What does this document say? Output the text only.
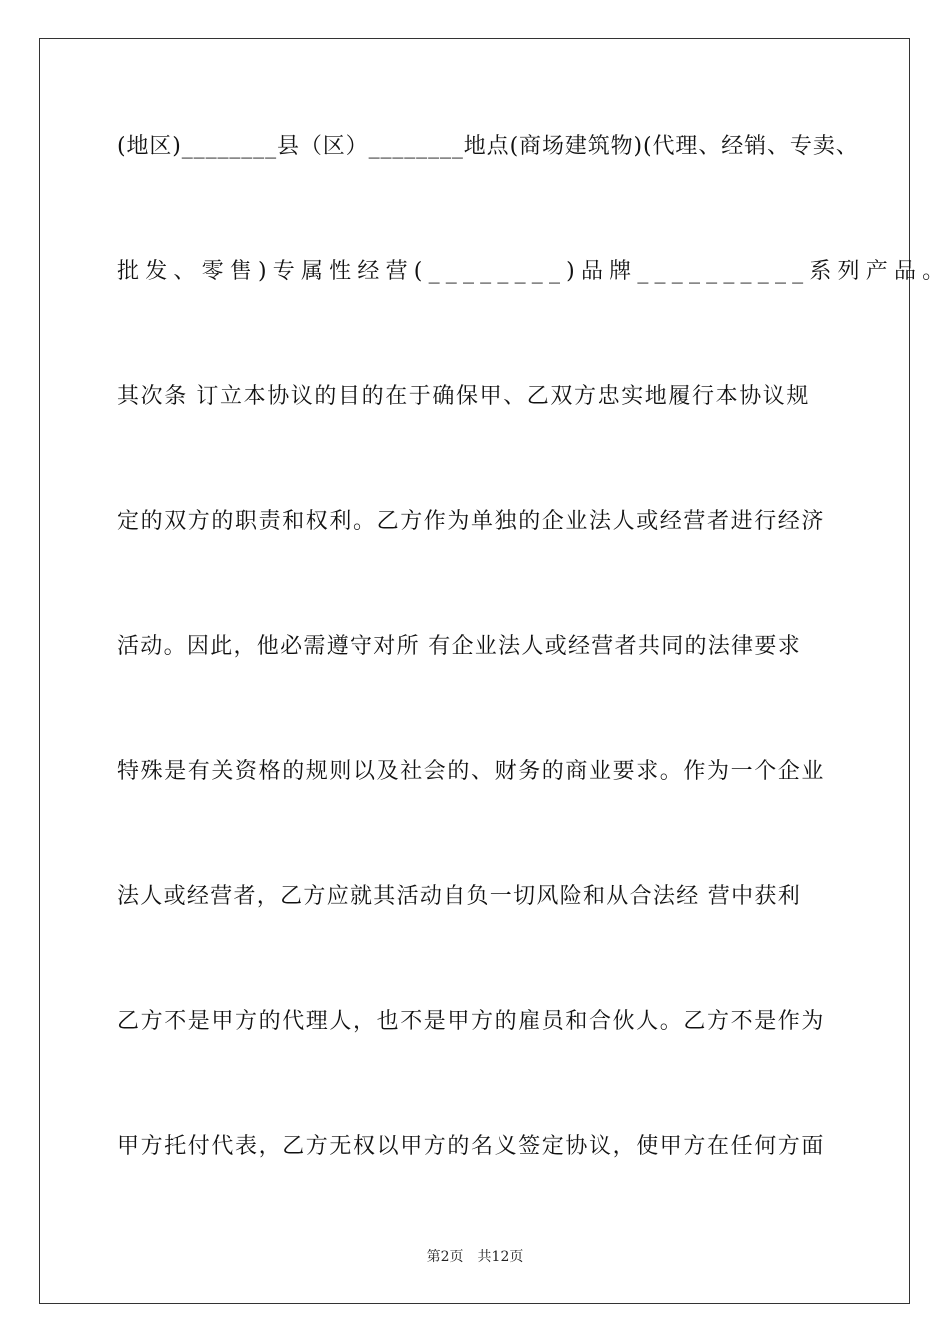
(地区)________县（区）________地点(商场建筑物)(代理、经销、专卖、
批发、零售)专属性经营(________)品牌__________系列产品。
其次条 订立本协议的目的在于确保甲、乙双方忠实地履行本协议规
定的双方的职责和权利。乙方作为单独的企业法人或经营者进行经济
活动。因此，他必需遵守对所 有企业法人或经营者共同的法律要求
特殊是有关资格的规则以及社会的、财务的商业要求。作为一个企业
法人或经营者，乙方应就其活动自负一切风险和从合法经 营中获利
乙方不是甲方的代理人，也不是甲方的雇员和合伙人。乙方不是作为
甲方托付代表，乙方无权以甲方的名义签定协议，使甲方在任何方面
第2页 共12页
